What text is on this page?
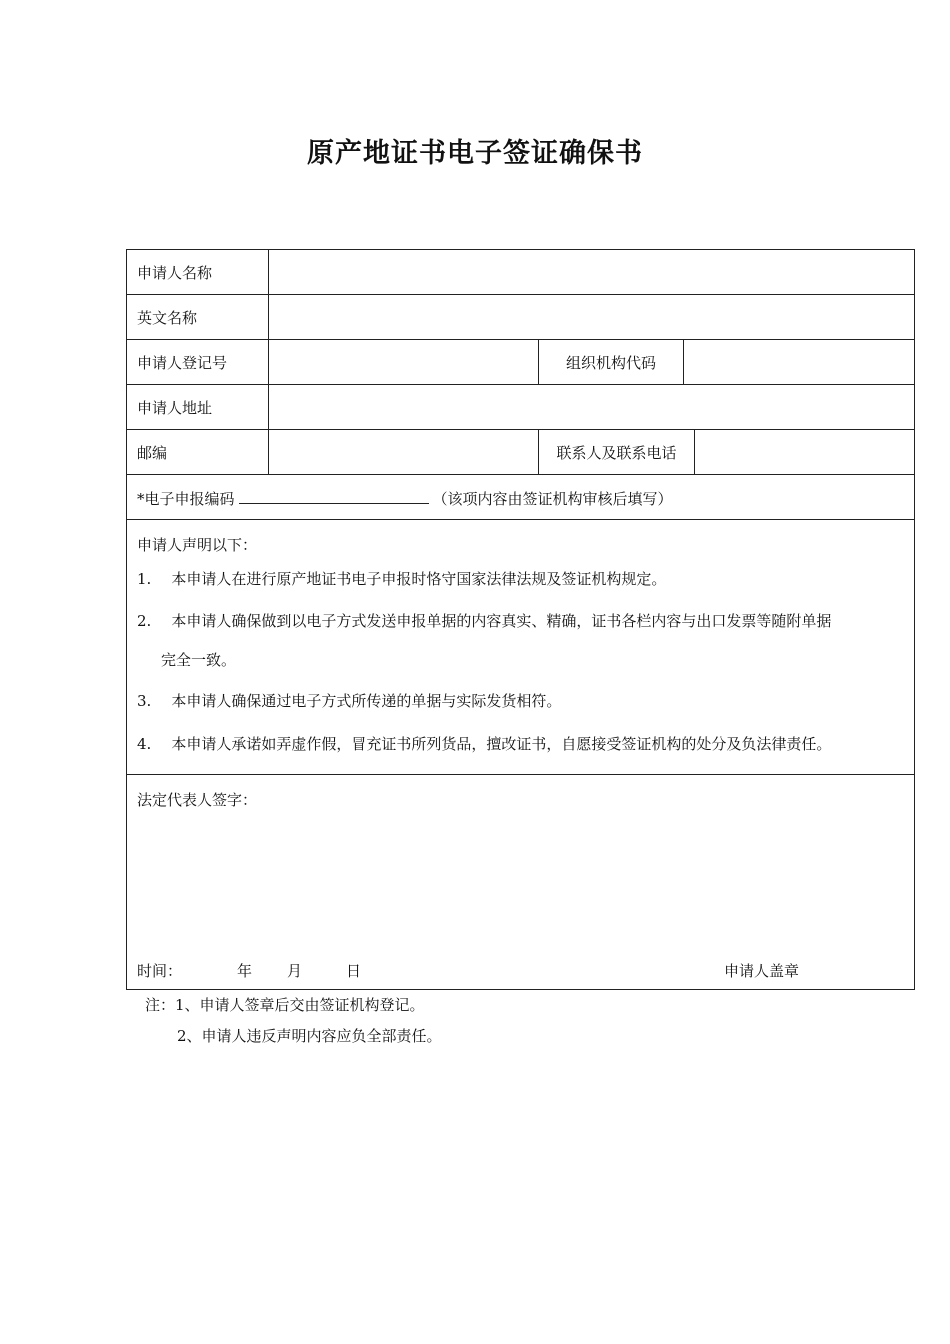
原产地证书电子签证确保书
申请人名称
英文名称
申请人登记号	组织机构代码
申请人地址
邮编	联系人及联系电话
*电子申报编码	（该项内容由签证机构审核后填写）
申请人声明以下：
1. 本申请人在进行原产地证书电子申报时恪守国家法律法规及签证机构规定。
2. 本申请人确保做到以电子方式发送申报单据的内容真实、精确，证书各栏内容与出口发票等随附单据
完全一致。
3. 本申请人确保通过电子方式所传递的单据与实际发货相符。
4. 本申请人承诺如弄虚作假，冒充证书所列货品，擅改证书，自愿接受签证机构的处分及负法律责任。
法定代表人签字：
时间：	年 月	日	申请人盖章
注：1、申请人签章后交由签证机构登记。
2、申请人违反声明内容应负全部责任。
